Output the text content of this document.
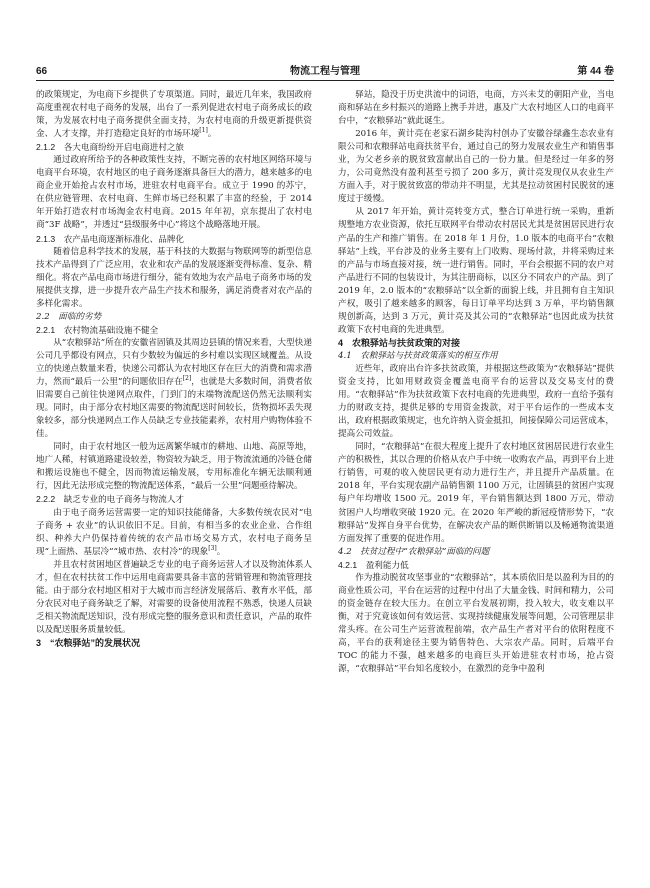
66	物流工程与管理	第 44 卷

的政策规定，为电商下乡提供了专项渠道。同时，最近几年来，我国政府高度重视农村电子商务的发展，出台了一系列促进农村电子商务成长的政策，为发展农村电子商务提供全面支持，为农村电商的升级更新提供资金、人才支撑，并打造稳定良好的市场环境[1]。

2.1.2　各大电商纷纷开启电商进村之旅

通过政府所给予的各种政策性支持，不断完善的农村地区网络环境与电商平台环境，农村地区的电子商务逐渐具备巨大的潜力，越来越多的电商企业开始抢占农村市场，进驻农村电商平台。成立于 1990 的苏宁，在供应链管理、农村电商、生鲜市场已经积累了丰富的经验，于 2014 年开始打造农村市场淘金农村电商。2015 年年初，京东提出了农村电商“3F 战略”，并透过“县级服务中心”将这个战略落地开展。

2.1.3　农产品电商逐渐标准化、品牌化

随着信息科学技术的发展，基于科技的大数据与物联网等的新型信息技术产品得到了广泛应用，农业和农产品的发展逐渐变得标准、复杂、精细化。将农产品电商市场进行细分，能有效地为农产品电子商务市场的发展提供支撑，进一步提升农产品生产技术和服务，满足消费者对农产品的多样化需求。

2.2　面临的劣势
2.2.1　农村物流基础设施不健全

从“农粮驿站”所在的安徽省固镇及其周边县镇的情况来看，大型快递公司几乎都设有网点，只有少数较为偏远的乡村难以实现区域覆盖。从设立的快递点数量来看，快递公司都认为农村地区存在巨大的消费和需求潜力，然而“最后一公里”的问题依旧存在[2]，也就是大多数时间，消费者依旧需要自己前往快递网点取件，门到门的末端物流配送仍然无法顺利实现。同时，由于部分农村地区需要的物流配送时间较长，货物损坏丢失现象较多，部分快递网点工作人员缺乏专业技能素养，农村用户购物体验不佳。

同时，由于农村地区一般为远离繁华城市的耕地、山地、高原等地，地广人稀，村镇道路建设较差，物资较为缺乏，用于物流流通的冷链仓储和搬运设施也不健全，因而物流运输发展，专用标准化车辆无法顺利通行，因此无法形成完整的物流配送体系，“最后一公里”问题亟待解决。

2.2.2　缺乏专业的电子商务与物流人才

由于电子商务运营需要一定的知识技能储备，大多数传统农民对“电子商务 + 农业”的认识依旧不足。目前，有相当多的农业企业、合作组织、种养大户仍保持着传统的农产品市场交易方式，农村电子商务呈现“上面热、基层冷”“城市热、农村冷”的现象[3]。

并且农村贫困地区普遍缺乏专业的电子商务运营人才以及物流体系人才，但在农村扶贫工作中运用电商需要具备丰富的营销管理和物流管理技能。由于部分农村地区相对于大城市而言经济发展落后、教育水平低，部分农民对电子商务缺乏了解，对需要的设备使用流程不熟悉，快递人员缺乏相关物流配送知识，没有形成完整的服务意识和责任意识，产品的取件以及配送服务质量较低。

3　“农粮驿站”的发展状况

驿站，隐没于历史洪流中的词语，电商，方兴未艾的朝阳产业，当电商和驿站在乡村振兴的道路上携手并进，惠及广大农村地区人口的电商平台中，“农粮驿站”就此诞生。

2016 年，黄计亮在老家石湖乡陡沟村创办了安徽谷绿鑫生态农业有限公司和农粮驿站电商扶贫平台，通过自己的努力发展农业生产和销售事业，为父老乡亲的脱贫致富献出自己的一份力量。但是经过一年多的努力，公司竟然没有盈利甚至亏损了 200 多万，黄计亮发现仅从农业生产方面入手，对于脱贫致富的带动并不明显，尤其是拉动贫困村民脱贫的速度过于缓慢。

从 2017 年开始，黄计亮转变方式，整合订单进行统一采购，重新规整地方农业资源，依托互联网平台带动农村居民尤其是贫困居民进行农产品的生产和推广销售。在 2018 年 1 月份，1.0 版本的电商平台“农粮驿站”上线，平台涉及的业务主要有上门收购、现场付款，并将采购过来的产品与市场直接对接，统一进行销售。同时，平台会根据不同的农户对产品进行不同的包装设计，为其注册商标，以区分不同农户的产品。到了 2019 年，2.0 版本的“农粮驿站”以全新的面貌上线，并且拥有自主知识产权，吸引了越来越多的顾客，每日订单平均达到 3 万单，平均销售额规创新高，达到 3 万元，黄计亮及其公司的“农粮驿站”也因此成为扶贫政策下农村电商的先进典型。

4　农粮驿站与扶贫政策的对接
4.1　农粮驿站与扶贫政策落实的相互作用

近些年，政府出台许多扶贫政策，并根据这些政策为“农粮驿站”提供资金支持，比如用财政资金覆盖电商平台的运营以及交易支付的费用。“农粮驿站”作为扶贫政策下农村电商的先进典型，政府一直给予强有力的财政支持，提供足够的专用资金拨款，对于平台运作的一些成本支出，政府根据政策规定，也允许纳入资金抵扣，间接保障公司运营成本，提高公司效益。

同时，“农粮驿站”在很大程度上提升了农村地区贫困居民进行农业生产的积极性，其以合理的价格从农户手中统一收购农产品，再到平台上进行销售，可观的收入使居民更有动力进行生产，并且提升产品质量。在 2018 年，平台实现农副产品销售额 1100 万元，让固镇县的贫困户实现每户年均增收 1500 元。2019 年，平台销售额达到 1800 万元，带动贫困户人均增收突破 1920 元。在 2020 年严峻的新冠疫情形势下，“农粮驿站”发挥自身平台优势，在解决农产品的断供断销以及畅通物流渠道方面发挥了重要的促进作用。

4.2　扶贫过程中“农粮驿站”面临的问题
4.2.1　盈利能力低

作为推动脱贫攻坚事业的“农粮驿站”，其本质依旧是以盈利为目的的商业性质公司，平台在运营的过程中付出了大量金钱、时间和精力，公司的资金链存在较大压力。在创立平台发展初期，投入较大，收支难以平衡，对于究竟该如何有效运营、实现持续健康发展等问题，公司管理层非常头疼。在公司生产运营流程前端，农产品生产者对平台的依附程度不高，平台的获利途径主要为销售特色、大宗农产品。同时，后端平台 TOC 的能力不强，越来越多的电商巨头开始进驻农村市场，抢占资源，“农粮驿站”平台知名度较小，在激烈的竞争中盈利
